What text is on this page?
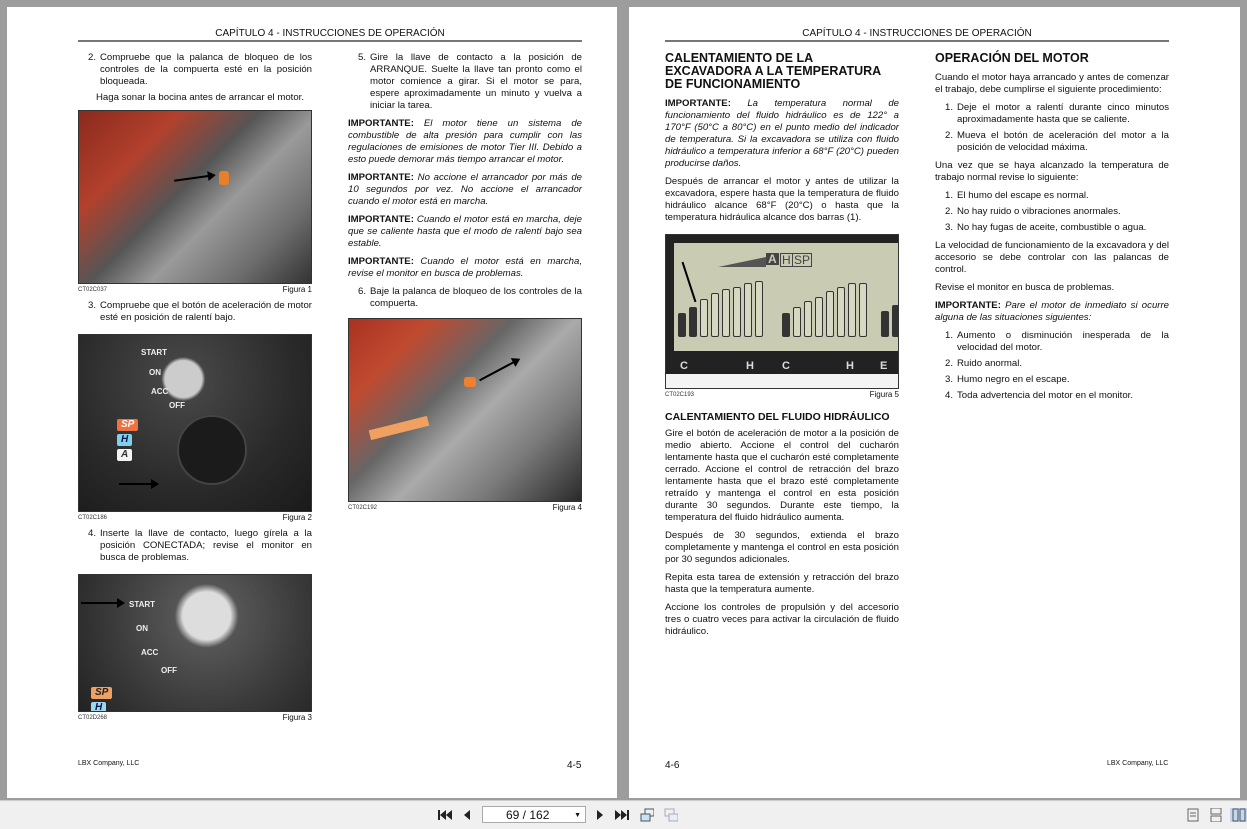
CAPÍTULO 4 - INSTRUCCIONES DE OPERACIÓN
2. Compruebe que la palanca de bloqueo de los controles de la compuerta esté en la posición bloqueada.
Haga sonar la bocina antes de arrancar el motor.
CT02C037	Figura 1
3. Compruebe que el botón de aceleración de motor esté en posición de ralentí bajo.
START
ON
ACC
OFF
SP
H
A
CT02C186	Figura 2
4. Inserte la llave de contacto, luego gírela a la posición CONECTADA; revise el monitor en busca de problemas.
START
ON
ACC
OFF
SP
H
CT02D268	Figura 3
5. Gire la llave de contacto a la posición de ARRANQUE. Suelte la llave tan pronto como el motor comience a girar. Si el motor se para, espere aproximadamente un minuto y vuelva a iniciar la tarea.

IMPORTANTE: El motor tiene un sistema de combustible de alta presión para cumplir con las regulaciones de emisiones de motor Tier III. Debido a esto puede demorar más tiempo arrancar el motor.

IMPORTANTE: No accione el arrancador por más de 10 segundos por vez. No accione el arrancador cuando el motor está en marcha.

IMPORTANTE: Cuando el motor está en marcha, deje que se caliente hasta que el modo de ralentí bajo sea estable.

IMPORTANTE: Cuando el motor está en marcha, revise el monitor en busca de problemas.

6. Baje la palanca de bloqueo de los controles de la compuerta.
CT02C192	Figura 4
LBX Company, LLC	4-5
CAPÍTULO 4 - INSTRUCCIONES DE OPERACIÓN
CALENTAMIENTO DE LA EXCAVADORA A LA TEMPERATURA DE FUNCIONAMIENTO

IMPORTANTE: La temperatura normal de funcionamiento del fluido hidráulico es de 122° a 170°F (50°C a 80°C) en el punto medio del indicador de temperatura. Si la excavadora se utiliza con fluido hidráulico a temperatura inferior a 68°F (20°C) pueden producirse daños.

Después de arrancar el motor y antes de utilizar la excavadora, espere hasta que la temperatura de fluido hidráulico alcance 68°F (20°C) o hasta que la temperatura hidráulica alcance dos barras (1).

A H SP
C	H	C	H E
CT02C193	Figura 5
CALENTAMIENTO DEL FLUIDO HIDRÁULICO

Gire el botón de aceleración de motor a la posición de medio abierto. Accione el control del cucharón lentamente hasta que el cucharón esté completamente cerrado. Accione el control de retracción del brazo lentamente hasta que el brazo esté completamente retraído y mantenga el control en esta posición durante 30 segundos. Durante este tiempo, la temperatura del fluido hidráulico aumenta.

Después de 30 segundos, extienda el brazo completamente y mantenga el control en esta posición por 30 segundos adicionales.

Repita esta tarea de extensión y retracción del brazo hasta que la temperatura aumente.

Accione los controles de propulsión y del accesorio tres o cuatro veces para activar la circulación de fluido hidráulico.

OPERACIÓN DEL MOTOR

Cuando el motor haya arrancado y antes de comenzar el trabajo, debe cumplirse el siguiente procedimiento:

1. Deje el motor a ralentí durante cinco minutos aproximadamente hasta que se caliente.
2. Mueva el botón de aceleración del motor a la posición de velocidad máxima.

Una vez que se haya alcanzado la temperatura de trabajo normal revise lo siguiente:

1. El humo del escape es normal.
2. No hay ruido o vibraciones anormales.
3. No hay fugas de aceite, combustible o agua.

La velocidad de funcionamiento de la excavadora y del accesorio se debe controlar con las palancas de control.

Revise el monitor en busca de problemas.

IMPORTANTE: Pare el motor de inmediato si ocurre alguna de las situaciones siguientes:

1. Aumento o disminución inesperada de la velocidad del motor.
2. Ruido anormal.
3. Humo negro en el escape.
4. Toda advertencia del motor en el monitor.
4-6	LBX Company, LLC
69 / 162	▼
